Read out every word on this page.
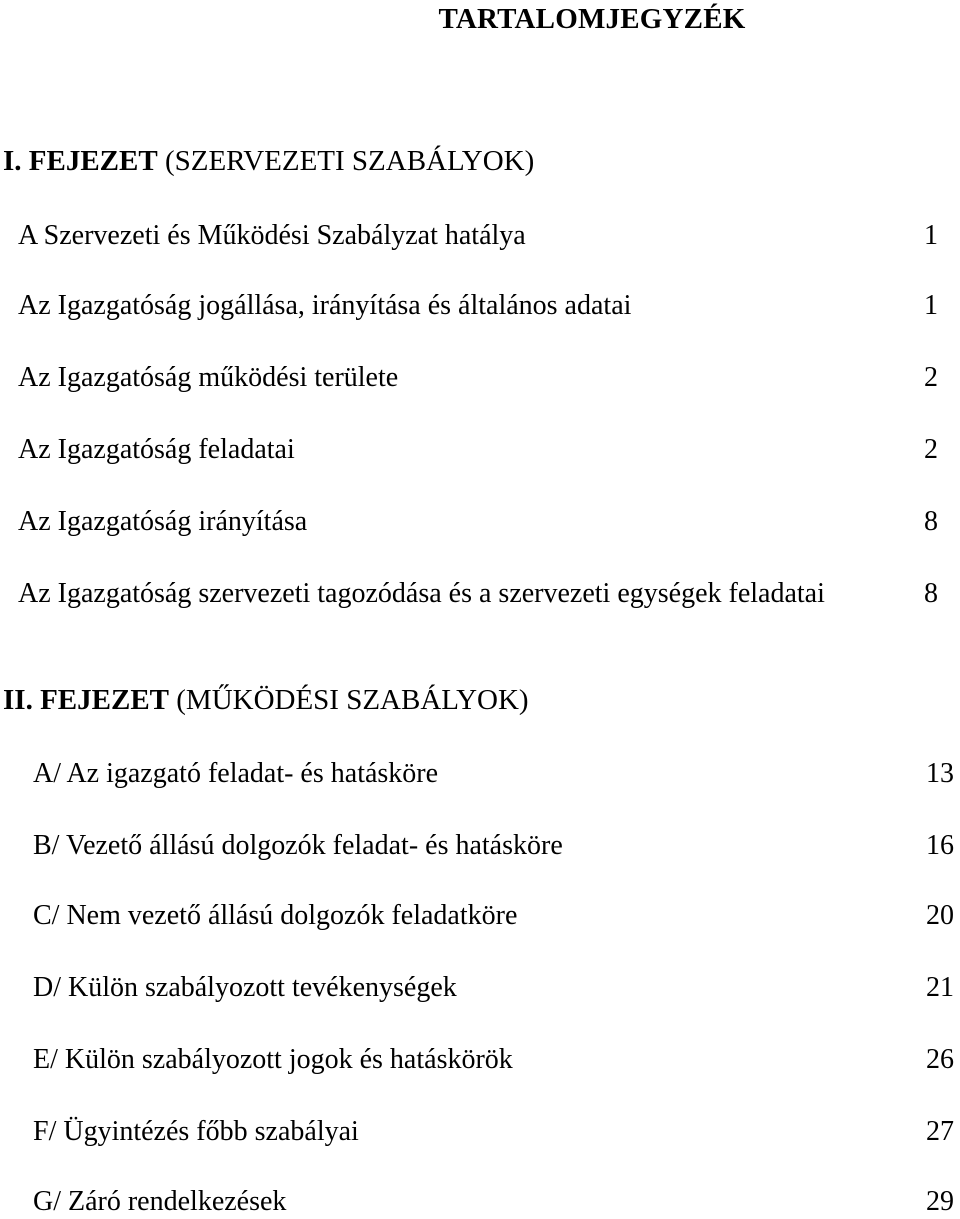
TARTALOMJEGYZÉK
I. FEJEZET (SZERVEZETI SZABÁLYOK)
A Szervezeti és Működési Szabályzat hatálya	1
Az Igazgatóság jogállása, irányítása és általános adatai	1
Az Igazgatóság működési területe	2
Az Igazgatóság feladatai	2
Az Igazgatóság irányítása	8
Az Igazgatóság szervezeti tagozódása és a szervezeti egységek feladatai	8
II. FEJEZET (MŰKÖDÉSI SZABÁLYOK)
A/ Az igazgató feladat- és hatásköre	13
B/ Vezető állású dolgozók feladat- és hatásköre	16
C/ Nem vezető állású dolgozók feladatköre	20
D/ Külön szabályozott tevékenységek	21
E/ Külön szabályozott jogok és hatáskörök	26
F/ Ügyintézés főbb szabályai	27
G/ Záró rendelkezések	29
